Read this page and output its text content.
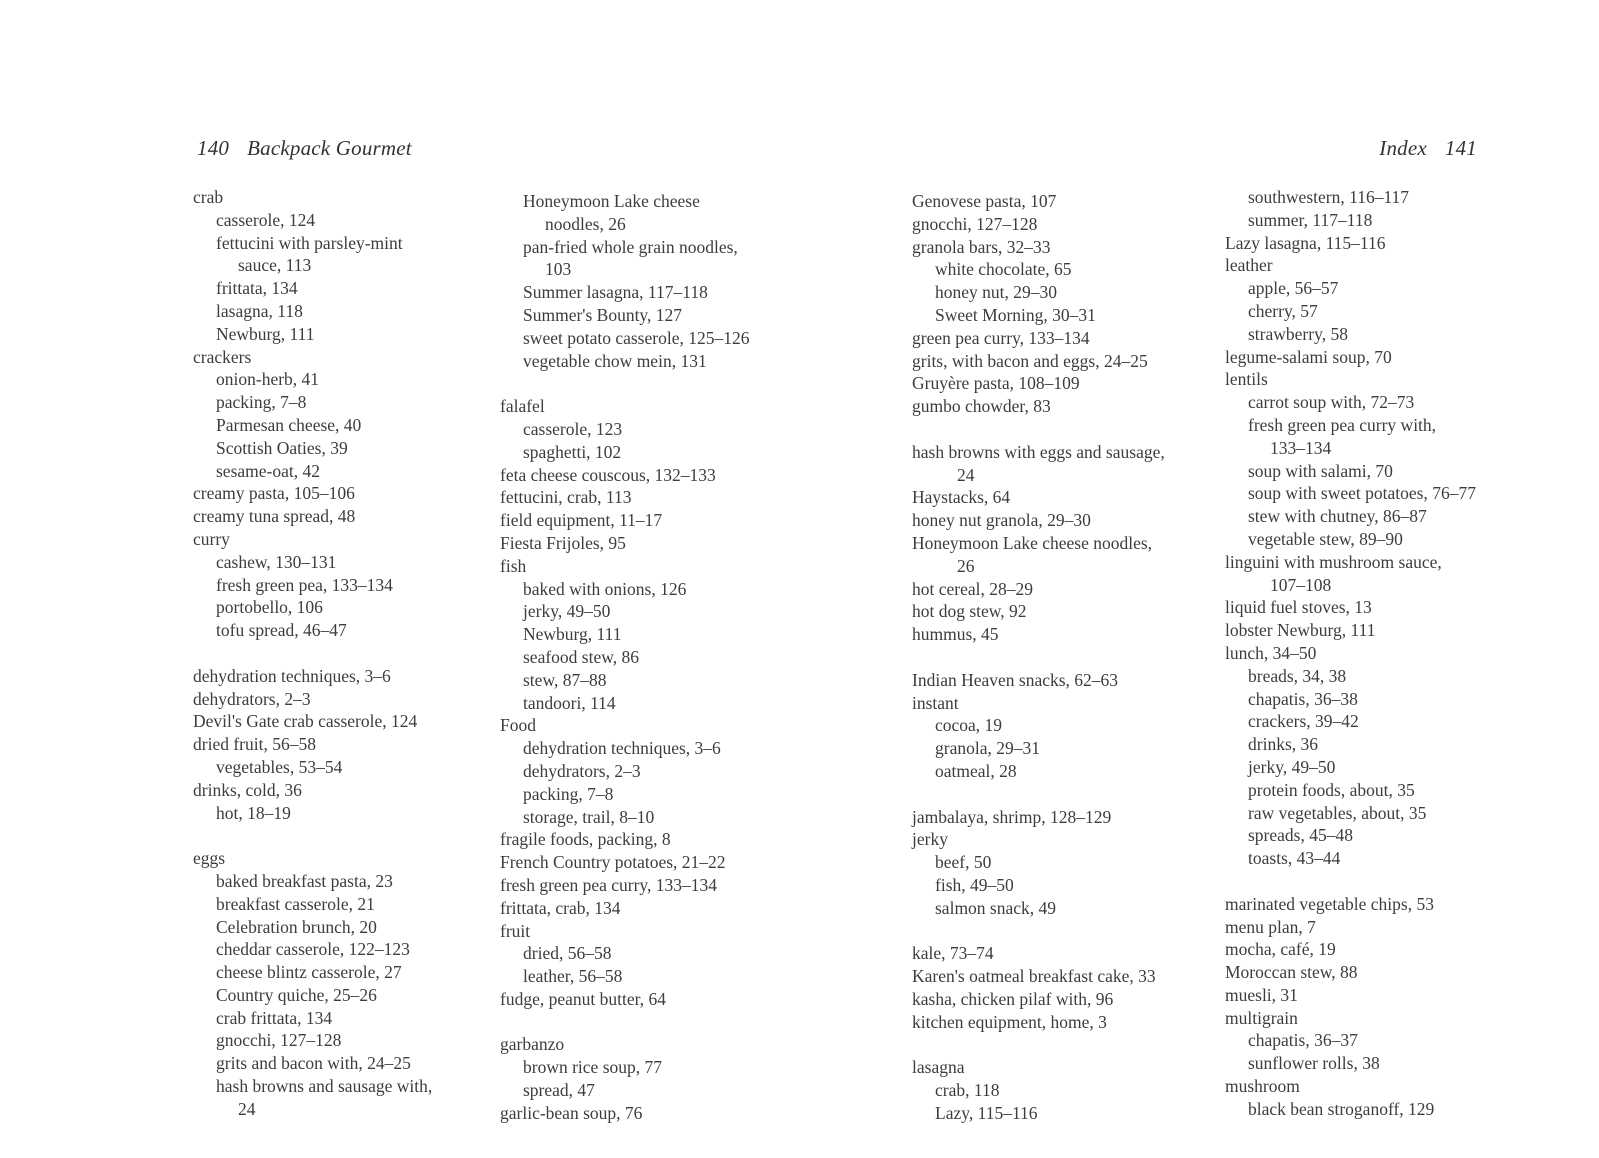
140 Backpack Gourmet	Index 141
crab
casserole, 124
fettucini with parsley-mint
sauce, 113
frittata, 134
lasagna, 118
Newburg, 111
crackers
onion-herb, 41
packing, 7–8
Parmesan cheese, 40
Scottish Oaties, 39
sesame-oat, 42
creamy pasta, 105–106
creamy tuna spread, 48
curry
cashew, 130–131
fresh green pea, 133–134
portobello, 106
tofu spread, 46–47
dehydration techniques, 3–6
dehydrators, 2–3
Devil's Gate crab casserole, 124
dried fruit, 56–58
vegetables, 53–54
drinks, cold, 36
hot, 18–19
eggs
baked breakfast pasta, 23
breakfast casserole, 21
Celebration brunch, 20
cheddar casserole, 122–123
cheese blintz casserole, 27
Country quiche, 25–26
crab frittata, 134
gnocchi, 127–128
grits and bacon with, 24–25
hash browns and sausage with,
24
Honeymoon Lake cheese
noodles, 26
pan-fried whole grain noodles,
103
Summer lasagna, 117–118
Summer's Bounty, 127
sweet potato casserole, 125–126
vegetable chow mein, 131
falafel
casserole, 123
spaghetti, 102
feta cheese couscous, 132–133
fettucini, crab, 113
field equipment, 11–17
Fiesta Frijoles, 95
fish
baked with onions, 126
jerky, 49–50
Newburg, 111
seafood stew, 86
stew, 87–88
tandoori, 114
Food
dehydration techniques, 3–6
dehydrators, 2–3
packing, 7–8
storage, trail, 8–10
fragile foods, packing, 8
French Country potatoes, 21–22
fresh green pea curry, 133–134
frittata, crab, 134
fruit
dried, 56–58
leather, 56–58
fudge, peanut butter, 64
garbanzo
brown rice soup, 77
spread, 47
garlic-bean soup, 76
Genovese pasta, 107
gnocchi, 127–128
granola bars, 32–33
white chocolate, 65
honey nut, 29–30
Sweet Morning, 30–31
green pea curry, 133–134
grits, with bacon and eggs, 24–25
Gruyère pasta, 108–109
gumbo chowder, 83
hash browns with eggs and sausage,
24
Haystacks, 64
honey nut granola, 29–30
Honeymoon Lake cheese noodles,
26
hot cereal, 28–29
hot dog stew, 92
hummus, 45
Indian Heaven snacks, 62–63
instant
cocoa, 19
granola, 29–31
oatmeal, 28
jambalaya, shrimp, 128–129
jerky
beef, 50
fish, 49–50
salmon snack, 49
kale, 73–74
Karen's oatmeal breakfast cake, 33
kasha, chicken pilaf with, 96
kitchen equipment, home, 3
lasagna
crab, 118
Lazy, 115–116
southwestern, 116–117
summer, 117–118
Lazy lasagna, 115–116
leather
apple, 56–57
cherry, 57
strawberry, 58
legume-salami soup, 70
lentils
carrot soup with, 72–73
fresh green pea curry with,
133–134
soup with salami, 70
soup with sweet potatoes, 76–77
stew with chutney, 86–87
vegetable stew, 89–90
linguini with mushroom sauce,
107–108
liquid fuel stoves, 13
lobster Newburg, 111
lunch, 34–50
breads, 34, 38
chapatis, 36–38
crackers, 39–42
drinks, 36
jerky, 49–50
protein foods, about, 35
raw vegetables, about, 35
spreads, 45–48
toasts, 43–44
marinated vegetable chips, 53
menu plan, 7
mocha, café, 19
Moroccan stew, 88
muesli, 31
multigrain
chapatis, 36–37
sunflower rolls, 38
mushroom
black bean stroganoff, 129
